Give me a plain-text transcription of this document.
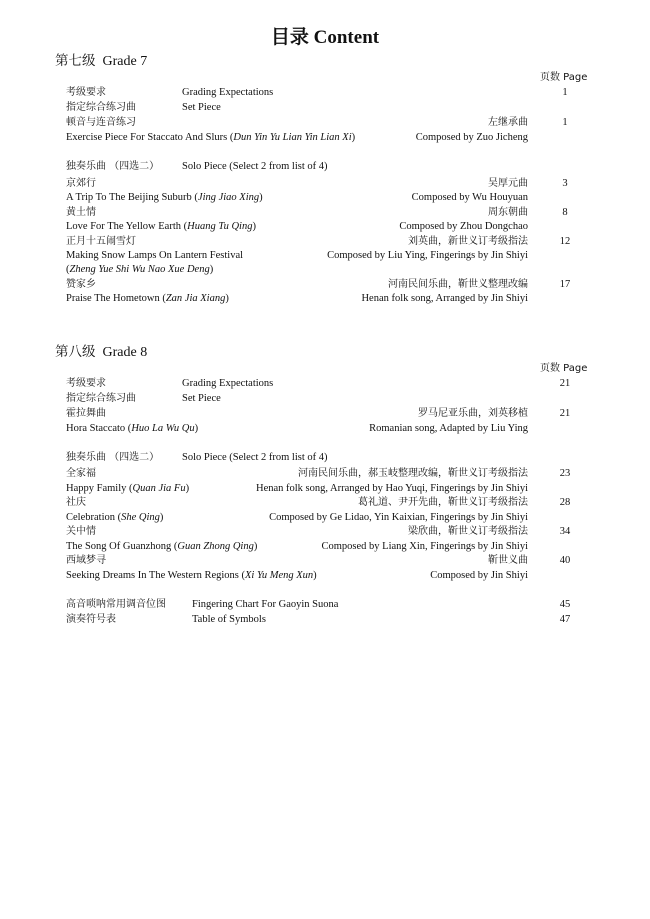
目录 Content
第七级 Grade 7
页数 Page
考级要求	Grading Expectations	1
指定综合练习曲	Set Piece
顿音与连音练习	左继承曲	1
Exercise Piece For Staccato And Slurs (Dun Yin Yu Lian Yin Lian Xi)	Composed by Zuo Jicheng
独奏乐曲 （四选二） Solo Piece (Select 2 from list of 4)
京郊行	吴厚元曲	3
A Trip To The Beijing Suburb (Jing Jiao Xing)	Composed by Wu Houyuan
黄土情	周东朝曲	8
Love For The Yellow Earth (Huang Tu Qing)	Composed by Zhou Dongchao
正月十五闹雪灯	刘英曲，新世义订考级指法	12
Making Snow Lamps On Lantern Festival	Composed by Liu Ying, Fingerings by Jin Shiyi
(Zheng Yue Shi Wu Nao Xue Deng)
赞家乡	河南民间乐曲，靳世义整理改编	17
Praise The Hometown (Zan Jia Xiang)	Henan folk song, Arranged by Jin Shiyi
第八级 Grade 8
页数 Page
考级要求	Grading Expectations	21
指定综合练习曲	Set Piece
霍拉舞曲	罗马尼亚乐曲，刘英移植	21
Hora Staccato (Huo La Wu Qu)	Romanian song, Adapted by Liu Ying
独奏乐曲 （四选二） Solo Piece (Select 2 from list of 4)
全家福	河南民间乐曲，郝玉岐整理改编，靳世义订考级指法	23
Happy Family (Quan Jia Fu)	Henan folk song, Arranged by Hao Yuqi, Fingerings by Jin Shiyi
社庆	葛礼道、尹开先曲，靳世义订考级指法	28
Celebration (She Qing)	Composed by Ge Lidao, Yin Kaixian, Fingerings by Jin Shiyi
关中情	梁欣曲，靳世义订考级指法	34
The Song Of Guanzhong (Guan Zhong Qing)	Composed by Liang Xin, Fingerings by Jin Shiyi
西域梦寻	靳世义曲	40
Seeking Dreams In The Western Regions (Xi Yu Meng Xun)	Composed by Jin Shiyi
高音唢呐常用调音位图 Fingering Chart For Gaoyin Suona	45
演奏符号表	Table of Symbols	47
